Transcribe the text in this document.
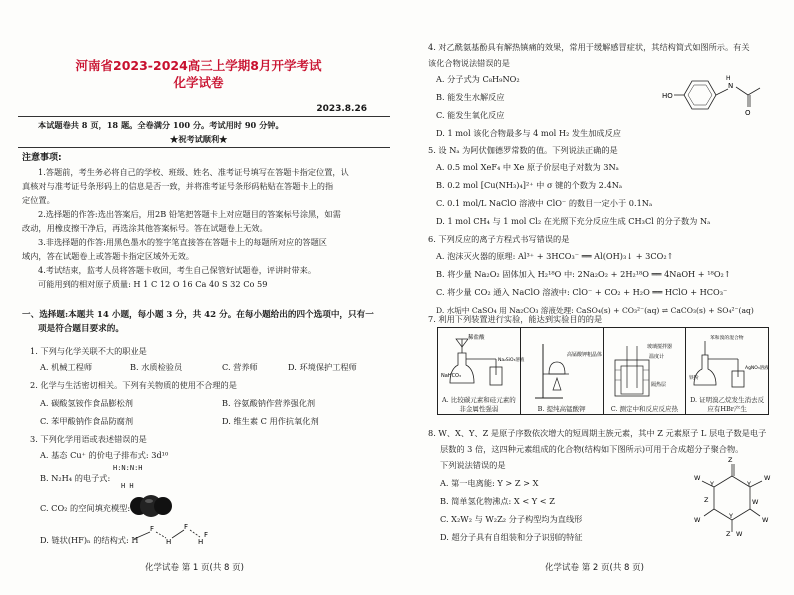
河南省2023-2024高三上学期8月开学考试
化学试卷
2023.8.26
本试题卷共 8 页，18 题。全卷满分 100 分。考试用时 90 分钟。
★祝考试顺利★
注意事项:
1.答题前，考生务必将自己的学校、班级、姓名、准考证号填写在答题卡指定位置，认
真核对与准考证号条形码上的信息是否一致，并将准考证号条形码粘贴在答题卡上的指
定位置。
2.选择题的作答:选出答案后，用2B 铅笔把答题卡上对应题目的答案标号涂黑，如需
改动，用橡皮擦干净后，再选涂其他答案标号。答在试题卷上无效。
3.非选择题的作答:用黑色墨水的签字笔直接答在答题卡上的每题所对应的答题区
域内，答在试题卷上或答题卡指定区域外无效。
4.考试结束，监考人员将答题卡收回，考生自己保管好试题卷，评讲时带来。
可能用到的相对原子质量: H 1 C 12 O 16 Ca 40 S 32 Co 59
一、选择题:本题共 14 小题，每小题 3 分，共 42 分。在每小题给出的四个选项中，只有一
项是符合题目要求的。
1. 下列与化学关联不大的职业是
A. 机械工程师	B. 水质检验员	C. 营养师	D. 环境保护工程师
2. 化学与生活密切相关。下列有关物质的使用不合理的是
A. 碳酸氢铵作食品膨松剂	B. 谷氨酸钠作营养强化剂
C. 苯甲酸钠作食品防腐剂	D. 维生素 C 用作抗氧化剂
3. 下列化学用语或表述错误的是
A. 基态 Cu⁺ 的价电子排布式: 3d¹⁰
H:N:N:H
B. N₂H₄ 的电子式:
H H
C. CO₂ 的空间填充模型:
D. 链状(HF)ₙ 的结构式: H
F
H
F
H
F
化学试卷 第 1 页(共 8 页)
4. 对乙酰氨基酚具有解热镇痛的效果，常用于缓解感冒症状，其结构简式如图所示。有关
该化合物说法错误的是
A. 分子式为 C₈H₉NO₂
B. 能发生水解反应
C. 能发生氧化反应
D. 1 mol 该化合物最多与 4 mol H₂ 发生加成反应
HO
N
H
O
5. 设 Nₐ 为阿伏伽德罗常数的值。下列说法正确的是
A. 0.5 mol XeF₄ 中 Xe 原子价层电子对数为 3Nₐ
B. 0.2 mol [Cu(NH₃)₄]²⁺ 中 σ 键的个数为 2.4Nₐ
C. 0.1 mol/L NaClO 溶液中 ClO⁻ 的数目一定小于 0.1Nₐ
D. 1 mol CH₄ 与 1 mol Cl₂ 在光照下充分反应生成 CH₃Cl 的分子数为 Nₐ
6. 下列反应的离子方程式书写错误的是
A. 泡沫灭火器的原理: Al³⁺ + 3HCO₃⁻ ══ Al(OH)₃↓ + 3CO₂↑
B. 将少量 Na₂O₂ 固体加入 H₂¹⁸O 中: 2Na₂O₂ + 2H₂¹⁸O ══ 4NaOH + ¹⁸O₂↑
C. 将少量 CO₂ 通入 NaClO 溶液中: ClO⁻ + CO₂ + H₂O ══ HClO + HCO₃⁻
D. 水垢中 CaSO₄ 用 Na₂CO₃ 溶液处理: CaSO₄(s) + CO₃²⁻(aq) ⇌ CaCO₃(s) + SO₄²⁻(aq)
7. 利用下列装置进行实验，能达到实验目的的是
稀盐酸
NaHCO₃
Na₂SiO₃溶液
A. 比较碳元素和硅元素的非金属性强弱

高锰酸钾粗晶体
B. 提纯高锰酸钾

玻璃搅拌器
温度计
隔热层
C. 测定中和反应反应热

苯和溴的混合物
铁粉
AgNO₃溶液
D. 证明溴乙烷发生消去反应有HBr产生
8. W、X、Y、Z 是原子序数依次增大的短周期主族元素，其中 Z 元素原子 L 层电子数是电子
层数的 3 倍，这四种元素组成的化合物(结构如下图所示)可用于合成超分子聚合物。
下列说法错误的是
A. 第一电离能: Y > Z > X
B. 简单氢化物沸点: X < Y < Z
C. X₂W₂ 与 W₂Z₂ 分子构型均为直线形
D. 超分子具有自组装和分子识别的特征
Z
W
Y
W
Z
W
Y
W
W
Y
W
Z
化学试卷 第 2 页(共 8 页)
